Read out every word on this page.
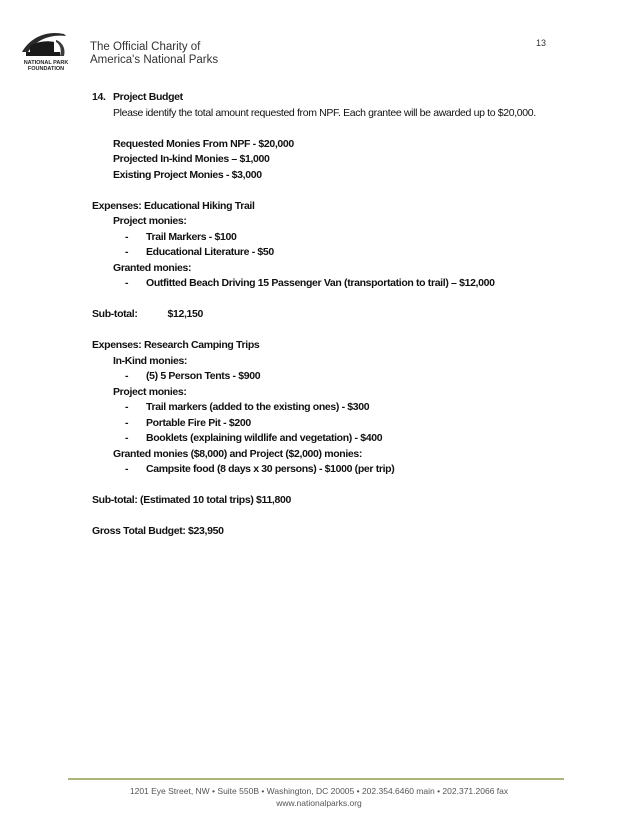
NATIONAL PARK FOUNDATION
The Official Charity of
America's National Parks
13
14. Project Budget
Please identify the total amount requested from NPF. Each grantee will be awarded up to $20,000.
Requested Monies From NPF - $20,000
Projected In-kind Monies – $1,000
Existing Project Monies - $3,000
Expenses: Educational Hiking Trail
Project monies:
- Trail Markers - $100
- Educational Literature - $50
Granted monies:
- Outfitted Beach Driving 15 Passenger Van (transportation to trail) – $12,000
Sub-total:	$12,150
Expenses: Research Camping Trips
In-Kind monies:
- (5) 5 Person Tents - $900
Project monies:
- Trail markers (added to the existing ones) - $300
- Portable Fire Pit - $200
- Booklets (explaining wildlife and vegetation) - $400
Granted monies ($8,000) and Project ($2,000) monies:
- Campsite food (8 days x 30 persons) - $1000 (per trip)
Sub-total: (Estimated 10 total trips) $11,800
Gross Total Budget: $23,950
1201 Eye Street, NW • Suite 550B • Washington, DC 20005 • 202.354.6460 main • 202.371.2066 fax
www.nationalparks.org
